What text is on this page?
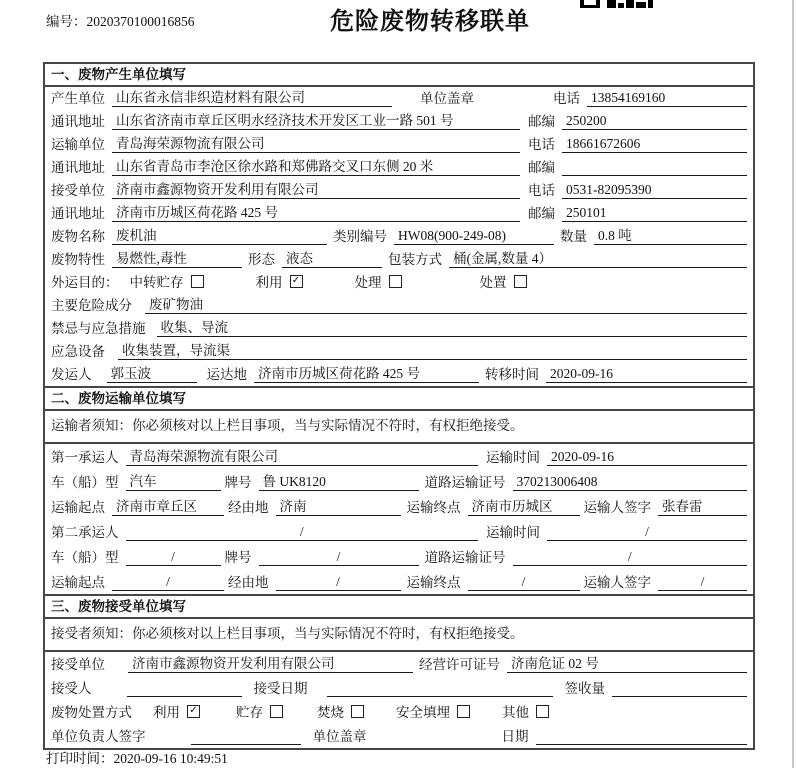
编号：2020370100016856	危险废物转移联单
一、废物产生单位填写
产生单位 山东省永信非织造材料有限公司	单位盖章	电话 13854169160
通讯地址 山东省济南市章丘区明水经济技术开发区工业一路 501 号	邮编 250200
运输单位 青岛海荣源物流有限公司	电话 18661672606
通讯地址 山东省青岛市李沧区徐水路和郑佛路交叉口东侧 20 米	邮编
接受单位 济南市鑫源物资开发利用有限公司	电话 0531-82095390
通讯地址 济南市历城区荷花路 425 号	邮编 250101
废物名称 废机油	类别编号 HW08(900-249-08)	数量 0.8 吨
废物特性 易燃性,毒性	形态 液态	包装方式 桶(金属,数量 4）
外运目的： 中转贮存	利用 ✓	处理	处置
主要危险成分 废矿物油
禁忌与应急措施 收集、导流
应急设备 收集装置，导流渠
发运人 郭玉波	运达地 济南市历城区荷花路 425 号	转移时间 2020-09-16
二、废物运输单位填写
运输者须知：你必须核对以上栏目事项，当与实际情况不符时，有权拒绝接受。
第一承运人 青岛海荣源物流有限公司	运输时间 2020-09-16
车（船）型 汽车	牌号 鲁 UK8120	道路运输证号 370213006408
运输起点 济南市章丘区	经由地 济南	运输终点 济南市历城区	运输人签字 张春雷
第二承运人	/	运输时间	/
车（船）型	/	牌号	/	道路运输证号	/
运输起点	/	经由地	/	运输终点	/	运输人签字	/
三、废物接受单位填写
接受者须知：你必须核对以上栏目事项，当与实际情况不符时，有权拒绝接受。
接受单位 济南市鑫源物资开发利用有限公司	经营许可证号 济南危证 02 号
接受人	接受日期	签收量
废物处置方式 利用 ✓	贮存	焚烧	安全填埋	其他
单位负责人签字	单位盖章	日期
打印时间：2020-09-16 10:49:51
